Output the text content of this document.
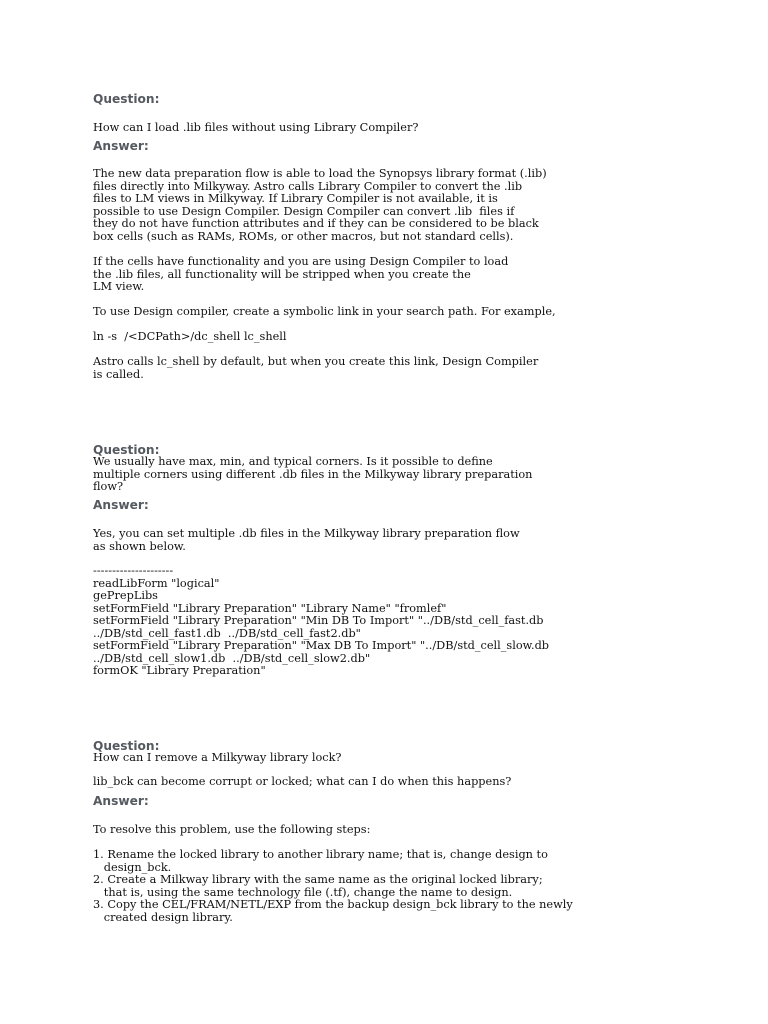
Question:

How can I load .lib files without using Library Compiler?

Answer:

The new data preparation flow is able to load the Synopsys library format (.lib)
files directly into Milkyway. Astro calls Library Compiler to convert the .lib
files to LM views in Milkyway. If Library Compiler is not available, it is
possible to use Design Compiler. Design Compiler can convert .lib  files if
they do not have function attributes and if they can be considered to be black
box cells (such as RAMs, ROMs, or other macros, but not standard cells).

If the cells have functionality and you are using Design Compiler to load
the .lib files, all functionality will be stripped when you create the
LM view.

To use Design compiler, create a symbolic link in your search path. For example,

ln -s  /<DCPath>/dc_shell lc_shell

Astro calls lc_shell by default, but when you create this link, Design Compiler
is called.

Question:

We usually have max, min, and typical corners. Is it possible to define
multiple corners using different .db files in the Milkyway library preparation
flow?

Answer:

Yes, you can set multiple .db files in the Milkyway library preparation flow
as shown below.

---------------------
readLibForm "logical"
gePrepLibs
setFormField "Library Preparation" "Library Name" "fromlef"
setFormField "Library Preparation" "Min DB To Import" "../DB/std_cell_fast.db
../DB/std_cell_fast1.db  ../DB/std_cell_fast2.db"
setFormField "Library Preparation" "Max DB To Import" "../DB/std_cell_slow.db
../DB/std_cell_slow1.db  ../DB/std_cell_slow2.db"
formOK "Library Preparation"

Question:

How can I remove a Milkyway library lock?

lib_bck can become corrupt or locked; what can I do when this happens?

Answer:

To resolve this problem, use the following steps:

1. Rename the locked library to another library name; that is, change design to
design_bck.
2. Create a Milkway library with the same name as the original locked library;
that is, using the same technology file (.tf), change the name to design.
3. Copy the CEL/FRAM/NETL/EXP from the backup design_bck library to the newly
created design library.
